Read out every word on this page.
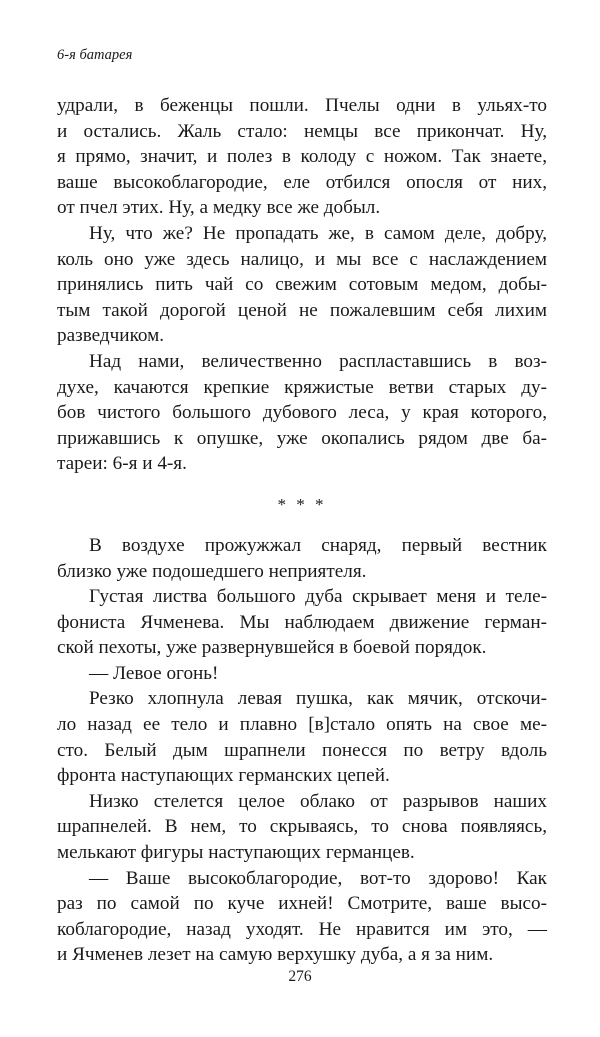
6-я батарея
удрали, в беженцы пошли. Пчелы одни в ульях-то
и остались. Жаль стало: немцы все прикончат. Ну,
я прямо, значит, и полез в колоду с ножом. Так знаете,
ваше высокоблагородие, еле отбился опосля от них,
от пчел этих. Ну, а медку все же добыл.
Ну, что же? Не пропадать же, в самом деле, добру,
коль оно уже здесь налицо, и мы все с наслаждением
принялись пить чай со свежим сотовым медом, добы-
тым такой дорогой ценой не пожалевшим себя лихим
разведчиком.
Над нами, величественно распластавшись в воз-
духе, качаются крепкие кряжистые ветви старых ду-
бов чистого большого дубового леса, у края которого,
прижавшись к опушке, уже окопались рядом две ба-
тареи: 6-я и 4-я.
* * *
В воздухе прожужжал снаряд, первый вестник
близко уже подошедшего неприятеля.
Густая листва большого дуба скрывает меня и теле-
фониста Ячменева. Мы наблюдаем движение герман-
ской пехоты, уже развернувшейся в боевой порядок.
— Левое огонь!
Резко хлопнула левая пушка, как мячик, отскочи-
ло назад ее тело и плавно [в]стало опять на свое ме-
сто. Белый дым шрапнели понесся по ветру вдоль
фронта наступающих германских цепей.
Низко стелется целое облако от разрывов наших
шрапнелей. В нем, то скрываясь, то снова появляясь,
мелькают фигуры наступающих германцев.
— Ваше высокоблагородие, вот-то здорово! Как
раз по самой по куче ихней! Смотрите, ваше высо-
коблагородие, назад уходят. Не нравится им это, —
и Ячменев лезет на самую верхушку дуба, а я за ним.
276
